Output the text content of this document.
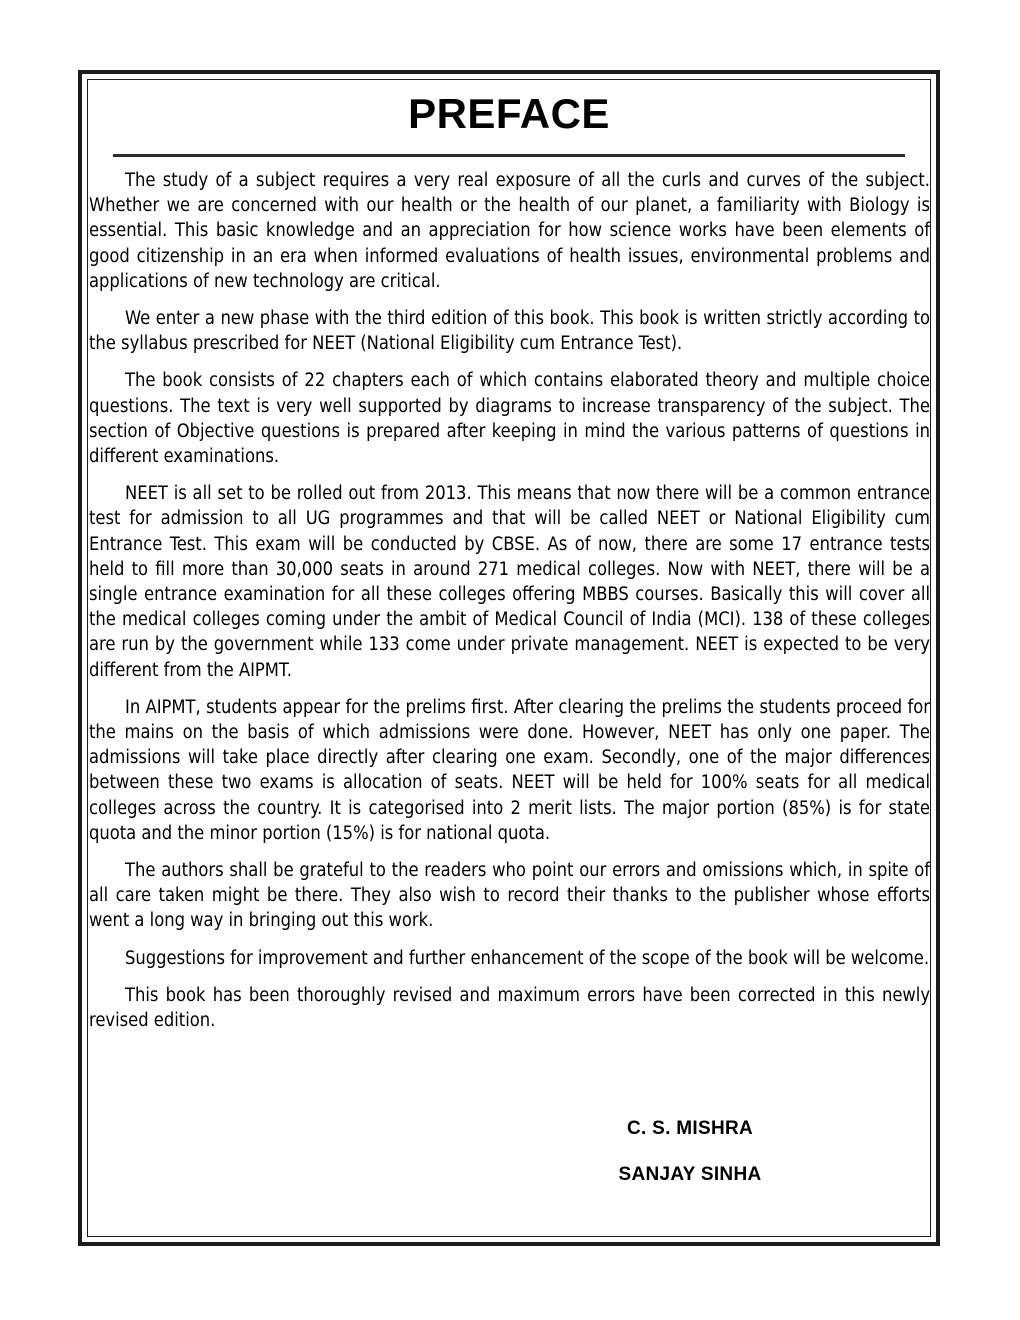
PREFACE

The study of a subject requires a very real exposure of all the curls and curves of the subject. Whether we are concerned with our health or the health of our planet, a familiarity with Biology is essential. This basic knowledge and an appreciation for how science works have been elements of good citizenship in an era when informed evaluations of health issues, environmental problems and applications of new technology are critical.

We enter a new phase with the third edition of this book. This book is written strictly according to the syllabus prescribed for NEET (National Eligibility cum Entrance Test).

The book consists of 22 chapters each of which contains elaborated theory and multiple choice questions. The text is very well supported by diagrams to increase transparency of the subject. The section of Objective questions is prepared after keeping in mind the various patterns of questions in different examinations.

NEET is all set to be rolled out from 2013. This means that now there will be a common entrance test for admission to all UG programmes and that will be called NEET or National Eligibility cum Entrance Test. This exam will be conducted by CBSE. As of now, there are some 17 entrance tests held to fill more than 30,000 seats in around 271 medical colleges. Now with NEET, there will be a single entrance examination for all these colleges offering MBBS courses. Basically this will cover all the medical colleges coming under the ambit of Medical Council of India (MCI). 138 of these colleges are run by the government while 133 come under private management. NEET is expected to be very different from the AIPMT.

In AIPMT, students appear for the prelims first. After clearing the prelims the students proceed for the mains on the basis of which admissions were done. However, NEET has only one paper. The admissions will take place directly after clearing one exam. Secondly, one of the major differences between these two exams is allocation of seats. NEET will be held for 100% seats for all medical colleges across the country. It is categorised into 2 merit lists. The major portion (85%) is for state quota and the minor portion (15%) is for national quota.

The authors shall be grateful to the readers who point our errors and omissions which, in spite of all care taken might be there. They also wish to record their thanks to the publisher whose efforts went a long way in bringing out this work.

Suggestions for improvement and further enhancement of the scope of the book will be welcome.

This book has been thoroughly revised and maximum errors have been corrected in this newly revised edition.

C. S. MISHRA
SANJAY SINHA
